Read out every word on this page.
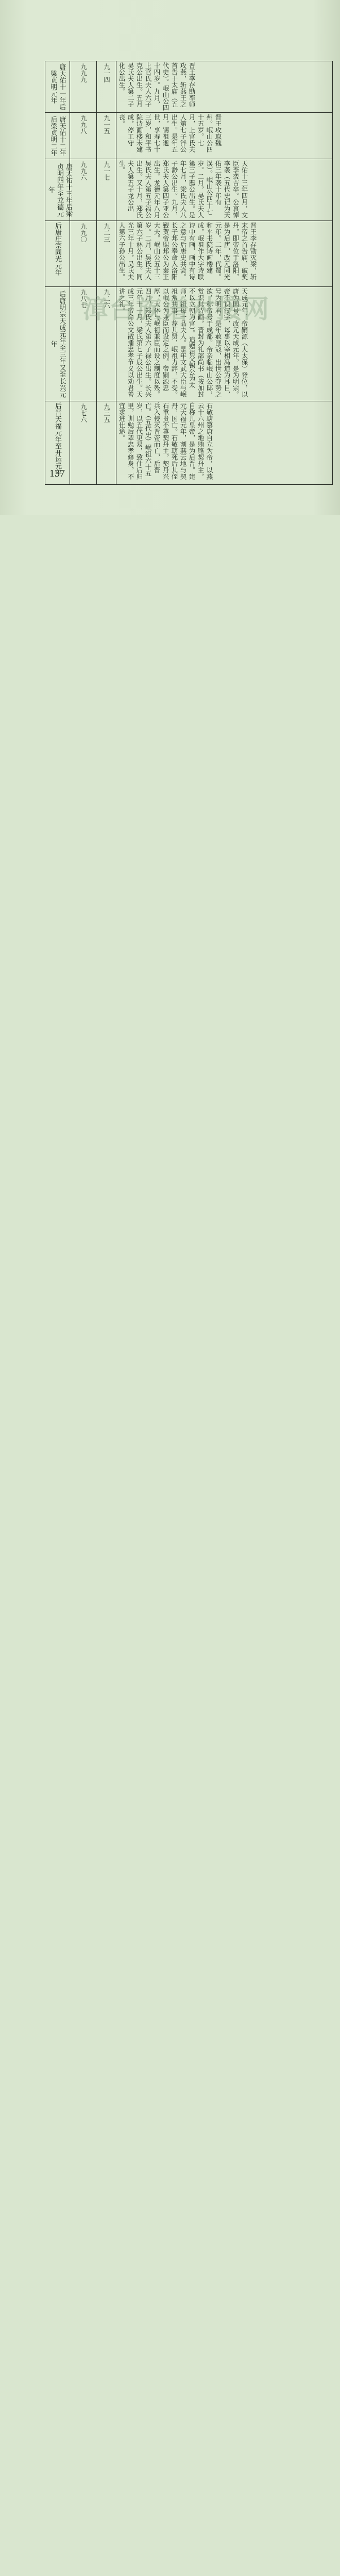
唐天佑十一年后梁贞明元年	九九九	九一四	晋王李存勖率师攻燕，斩燕王之首告于太庙（五代史）。岷山公四十四岁。九月，上官氏夫人六子克公出生。五月吴氏夫人第二子化公出生。

唐天佑十二年后梁贞明二年	九九八	九一五	晋王攻取魏州。岷山公四十五岁。七月，上官氏夫人第七子泮公出生。是年五月，锡祖逝世，享寿七十三岁，和平书院诗画楼未建成，停工守丧。

唐天佑十三年后梁贞明四年至龙德元年	九九六	九一七	天佑十三年四月，文臣李袭吉卒。公哀悼李袭（五代史记为天佑三年袭十年有误）。岷山公四十七岁。二月，吴氏夫人第三子薦公出生。是年七月，梁氏夫人八子渺公出生。九月，郑氏夫人第四子亚公出生。龙德元年八月吴氏夫人第五子福公出生。又十月，郑氏夫人第五子龙公出生。

后唐庄宗同光元年	九九〇	九二三	晋王李存勖灭梁，斩末帝之首告庙，破契丹，即帝位于洛阳，是为后唐，改元同光元年。二年，代蜀。和平书院诗画楼建成，岷祖作大字诗联诗中有画，画中有诗之意与后唐史共尝。长子邦公奉命入洛阳觐贺帝赐邦公为秦王大夫。岷山公五十三岁。二月，吴氏夫人第六子林公出生。同光三年十月，吴氏夫人第六子孙公出生。

后唐明宗天成元年至三年又至长兴元年	九八七	九二六	天成元年，帝嗣源（大太保）登位，以唐为国号，改元天成元年，是为明宗。帝不识汉字，每事以宰相冯道为耳目，号为明君。是年赦匪寇，出世公夺势之欲，称帝号于成都。帝亲临岷山公邸，赏识其诗画，晋封为礼部尚书（按加封不以立朝为官）。追赠祖父锡公为太师，祖母一品夫人。是年文武大臣与岷祖常共事，荐其贤，岷祖力辞，不受。以岷公为兼臣而设定之例。帝嗣源忠厚，大体与岷祖兼臣而设之制度以殁。四月，郑氏夫人第六子禄公出生。长兴元年十一月，梁氏第七子辰公出生。天成三年帝命公文散播忠孝节义以劝君善讲之礼。

后晋天福元年至开运元年	九七六	九三五	石敬瑭篡唐自立为帝，以燕云十六州之地贿赂契丹主，自称儿皇帝，是为后晋。建元天福元年，割燕云地与契丹，国亡。石敬瑭死后其侄石重贵不尊契丹主，契丹兴兵入侵灭晋帝而亡，后晋亡。（五代史）岷祖六十五岁，以五代更易，致仕后归里，训勉后辈忠孝修身，不宜求进仕途。
漳台族谱对接网
137
